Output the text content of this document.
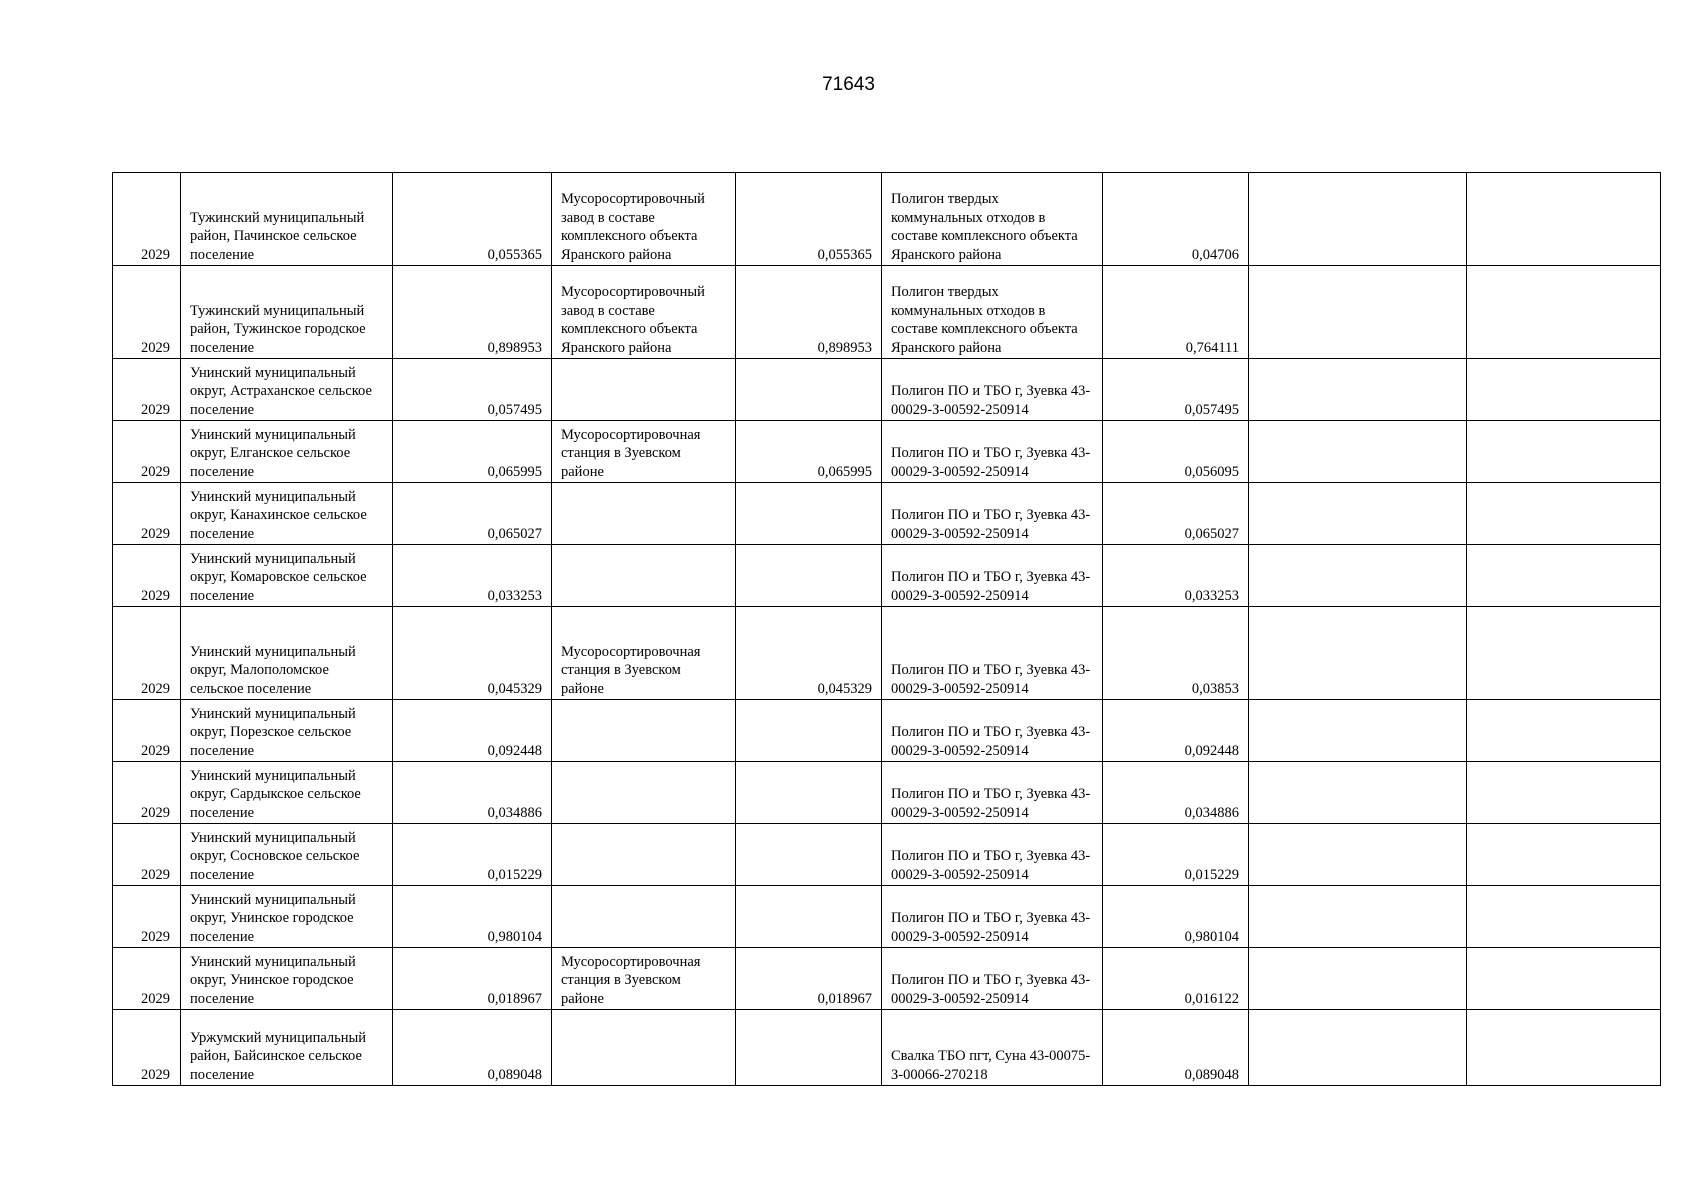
71643
2029	Тужинский муниципальный район, Пачинское сельское поселение	0,055365	Мусоросортировочный завод в составе комплексного объекта Яранского района	0,055365	Полигон твердых коммунальных отходов в составе комплексного объекта Яранского района	0,04706		
2029	Тужинский муниципальный район, Тужинское городское поселение	0,898953	Мусоросортировочный завод в составе комплексного объекта Яранского района	0,898953	Полигон твердых коммунальных отходов в составе комплексного объекта Яранского района	0,764111		
2029	Унинский муниципальный округ, Астраханское сельское поселение	0,057495			Полигон ПО и ТБО г, Зуевка 43-00029-З-00592-250914	0,057495		
2029	Унинский муниципальный округ, Елганское сельское поселение	0,065995	Мусоросортировочная станция в Зуевском районе	0,065995	Полигон ПО и ТБО г, Зуевка 43-00029-З-00592-250914	0,056095		
2029	Унинский муниципальный округ, Канахинское сельское поселение	0,065027			Полигон ПО и ТБО г, Зуевка 43-00029-З-00592-250914	0,065027		
2029	Унинский муниципальный округ, Комаровское сельское поселение	0,033253			Полигон ПО и ТБО г, Зуевка 43-00029-З-00592-250914	0,033253		
2029	Унинский муниципальный округ, Малополомское сельское поселение	0,045329	Мусоросортировочная станция в Зуевском районе	0,045329	Полигон ПО и ТБО г, Зуевка 43-00029-З-00592-250914	0,03853		
2029	Унинский муниципальный округ, Порезское сельское поселение	0,092448			Полигон ПО и ТБО г, Зуевка 43-00029-З-00592-250914	0,092448		
2029	Унинский муниципальный округ, Сардыкское сельское поселение	0,034886			Полигон ПО и ТБО г, Зуевка 43-00029-З-00592-250914	0,034886		
2029	Унинский муниципальный округ, Сосновское сельское поселение	0,015229			Полигон ПО и ТБО г, Зуевка 43-00029-З-00592-250914	0,015229		
2029	Унинский муниципальный округ, Унинское городское поселение	0,980104			Полигон ПО и ТБО г, Зуевка 43-00029-З-00592-250914	0,980104		
2029	Унинский муниципальный округ, Унинское городское поселение	0,018967	Мусоросортировочная станция в Зуевском районе	0,018967	Полигон ПО и ТБО г, Зуевка 43-00029-З-00592-250914	0,016122		
2029	Уржумский муниципальный район, Байсинское сельское поселение	0,089048			Свалка ТБО пгт, Суна 43-00075-З-00066-270218	0,089048		
